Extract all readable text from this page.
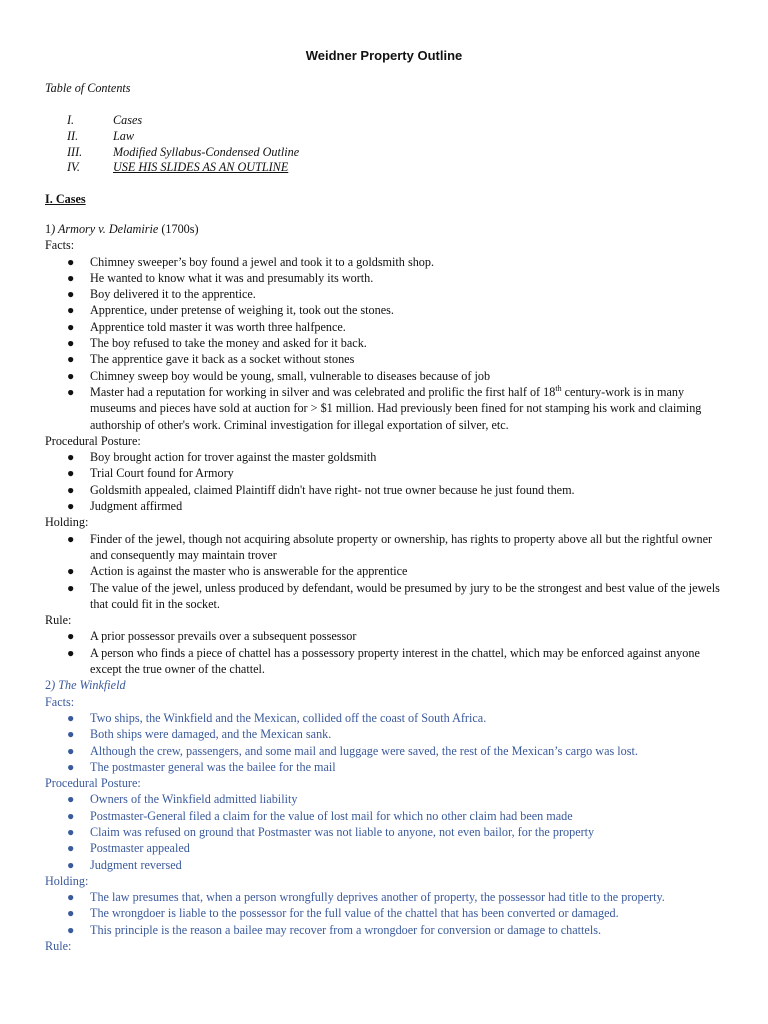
Weidner Property Outline
Table of Contents
I.	Cases
II.	Law
III.	Modified Syllabus-Condensed Outline
IV.	USE HIS SLIDES AS AN OUTLINE
I. Cases
1) Armory v. Delamirie (1700s)
Facts:
● Chimney sweeper’s boy found a jewel and took it to a goldsmith shop.
● He wanted to know what it was and presumably its worth.
● Boy delivered it to the apprentice.
● Apprentice, under pretense of weighing it, took out the stones.
● Apprentice told master it was worth three halfpence.
● The boy refused to take the money and asked for it back.
● The apprentice gave it back as a socket without stones
● Chimney sweep boy would be young, small, vulnerable to diseases because of job
● Master had a reputation for working in silver and was celebrated and prolific the first half of 18th century-work is in many museums and pieces have sold at auction for > $1 million. Had previously been fined for not stamping his work and claiming authorship of other's work. Criminal investigation for illegal exportation of silver, etc.
Procedural Posture:
● Boy brought action for trover against the master goldsmith
● Trial Court found for Armory
● Goldsmith appealed, claimed Plaintiff didn't have right- not true owner because he just found them.
● Judgment affirmed
Holding:
● Finder of the jewel, though not acquiring absolute property or ownership, has rights to property above all but the rightful owner and consequently may maintain trover
● Action is against the master who is answerable for the apprentice
● The value of the jewel, unless produced by defendant, would be presumed by jury to be the strongest and best value of the jewels that could fit in the socket.
Rule:
● A prior possessor prevails over a subsequent possessor
● A person who finds a piece of chattel has a possessory property interest in the chattel, which may be enforced against anyone except the true owner of the chattel.
2) The Winkfield
Facts:
● Two ships, the Winkfield and the Mexican, collided off the coast of South Africa.
● Both ships were damaged, and the Mexican sank.
● Although the crew, passengers, and some mail and luggage were saved, the rest of the Mexican’s cargo was lost.
● The postmaster general was the bailee for the mail
Procedural Posture:
● Owners of the Winkfield admitted liability
● Postmaster-General filed a claim for the value of lost mail for which no other claim had been made
● Claim was refused on ground that Postmaster was not liable to anyone, not even bailor, for the property
● Postmaster appealed
● Judgment reversed
Holding:
● The law presumes that, when a person wrongfully deprives another of property, the possessor had title to the property.
● The wrongdoer is liable to the possessor for the full value of the chattel that has been converted or damaged.
● This principle is the reason a bailee may recover from a wrongdoer for conversion or damage to chattels.
Rule:
